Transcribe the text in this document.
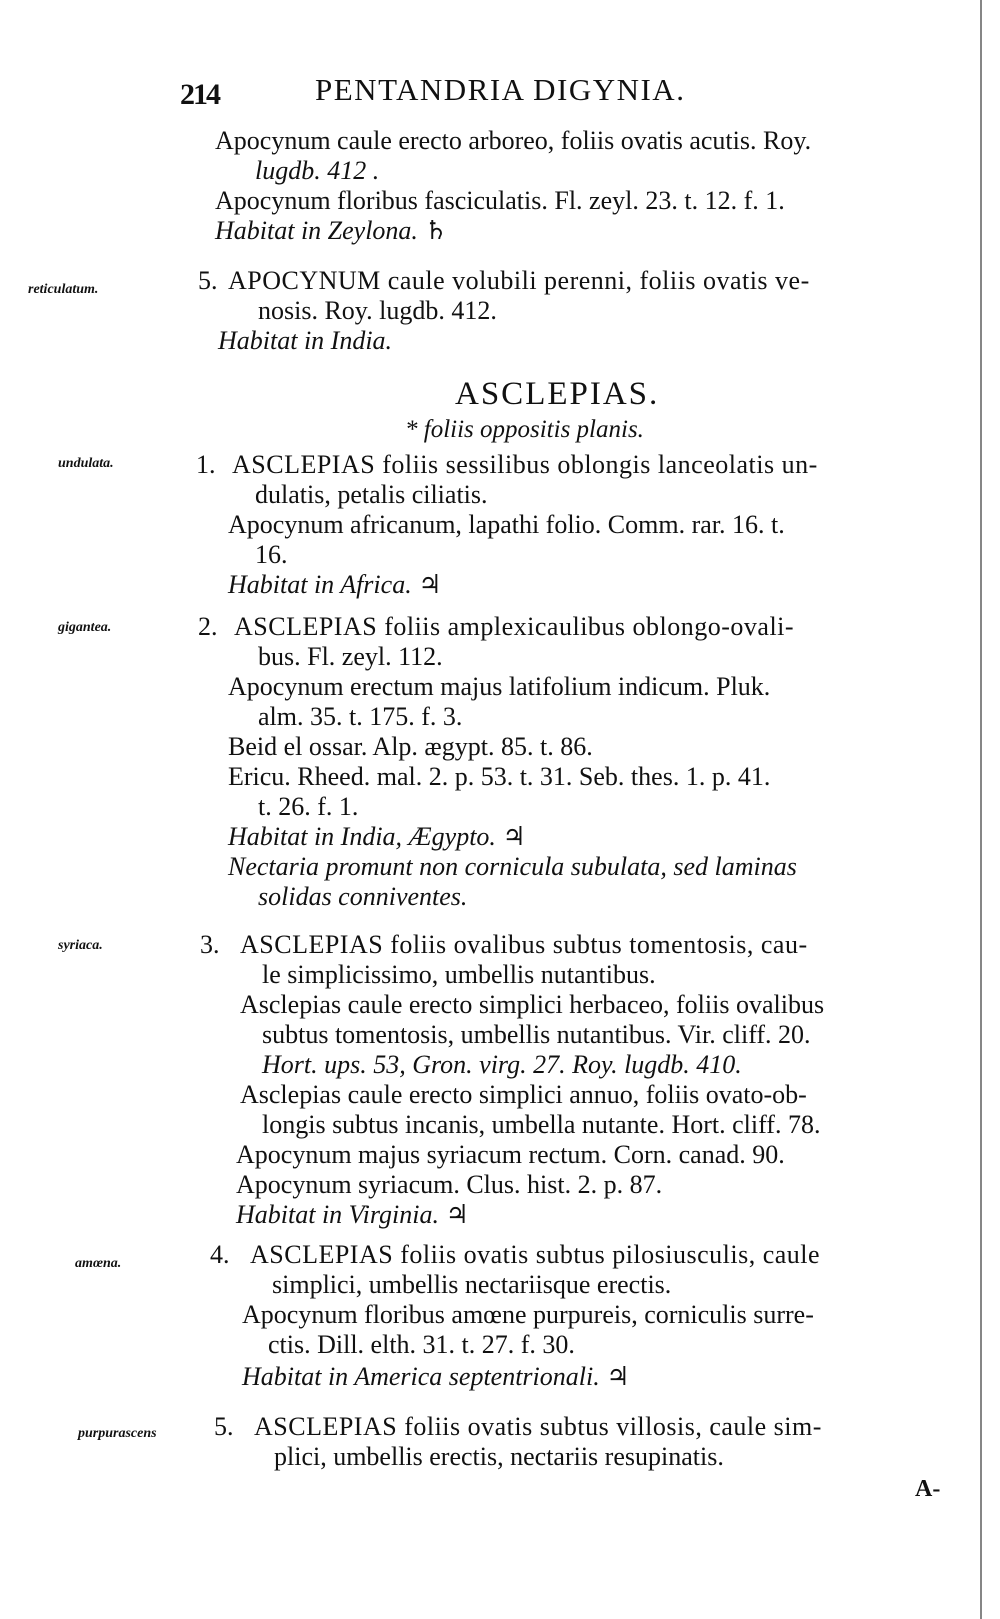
214	PENTANDRIA DIGYNIA.
Apocynum caule erecto arboreo, foliis ovatis acutis. Roy.
lugdb. 412 .
Apocynum floribus fasciculatis. Fl. zeyl. 23. t. 12. f. 1.
Habitat in Zeylona. ♄
reticulatum.	5. APOCYNUM caule volubili perenni, foliis ovatis ve-
nosis. Roy. lugdb. 412.
Habitat in India.
ASCLEPIAS.
* foliis oppositis planis.
undulata.	1. ASCLEPIAS foliis sessilibus oblongis lanceolatis un-
dulatis, petalis ciliatis.
Apocynum africanum, lapathi folio. Comm. rar. 16. t.
16.
Habitat in Africa. ♃
gigantea.	2. ASCLEPIAS foliis amplexicaulibus oblongo-ovali-
bus. Fl. zeyl. 112.
Apocynum erectum majus latifolium indicum. Pluk.
alm. 35. t. 175. f. 3.
Beid el ossar. Alp. ægypt. 85. t. 86.
Ericu. Rheed. mal. 2. p. 53. t. 31. Seb. thes. 1. p. 41.
t. 26. f. 1.
Habitat in India, Ægypto. ♃
Nectaria promunt non cornicula subulata, sed laminas
solidas conniventes.
syriaca.	3. ASCLEPIAS foliis ovalibus subtus tomentosis, cau-
le simplicissimo, umbellis nutantibus.
Asclepias caule erecto simplici herbaceo, foliis ovalibus
subtus tomentosis, umbellis nutantibus. Vir. cliff. 20.
Hort. ups. 53, Gron. virg. 27. Roy. lugdb. 410.
Asclepias caule erecto simplici annuo, foliis ovato-ob-
longis subtus incanis, umbella nutante. Hort. cliff. 78.
Apocynum majus syriacum rectum. Corn. canad. 90.
Apocynum syriacum. Clus. hist. 2. p. 87.
Habitat in Virginia. ♃
amœna.	4. ASCLEPIAS foliis ovatis subtus pilosiusculis, caule
simplici, umbellis nectariisque erectis.
Apocynum floribus amœne purpureis, corniculis surre-
ctis. Dill. elth. 31. t. 27. f. 30.
Habitat in America septentrionali. ♃
purpurascens 5. ASCLEPIAS foliis ovatis subtus villosis, caule sim-
plici, umbellis erectis, nectariis resupinatis.
A-
